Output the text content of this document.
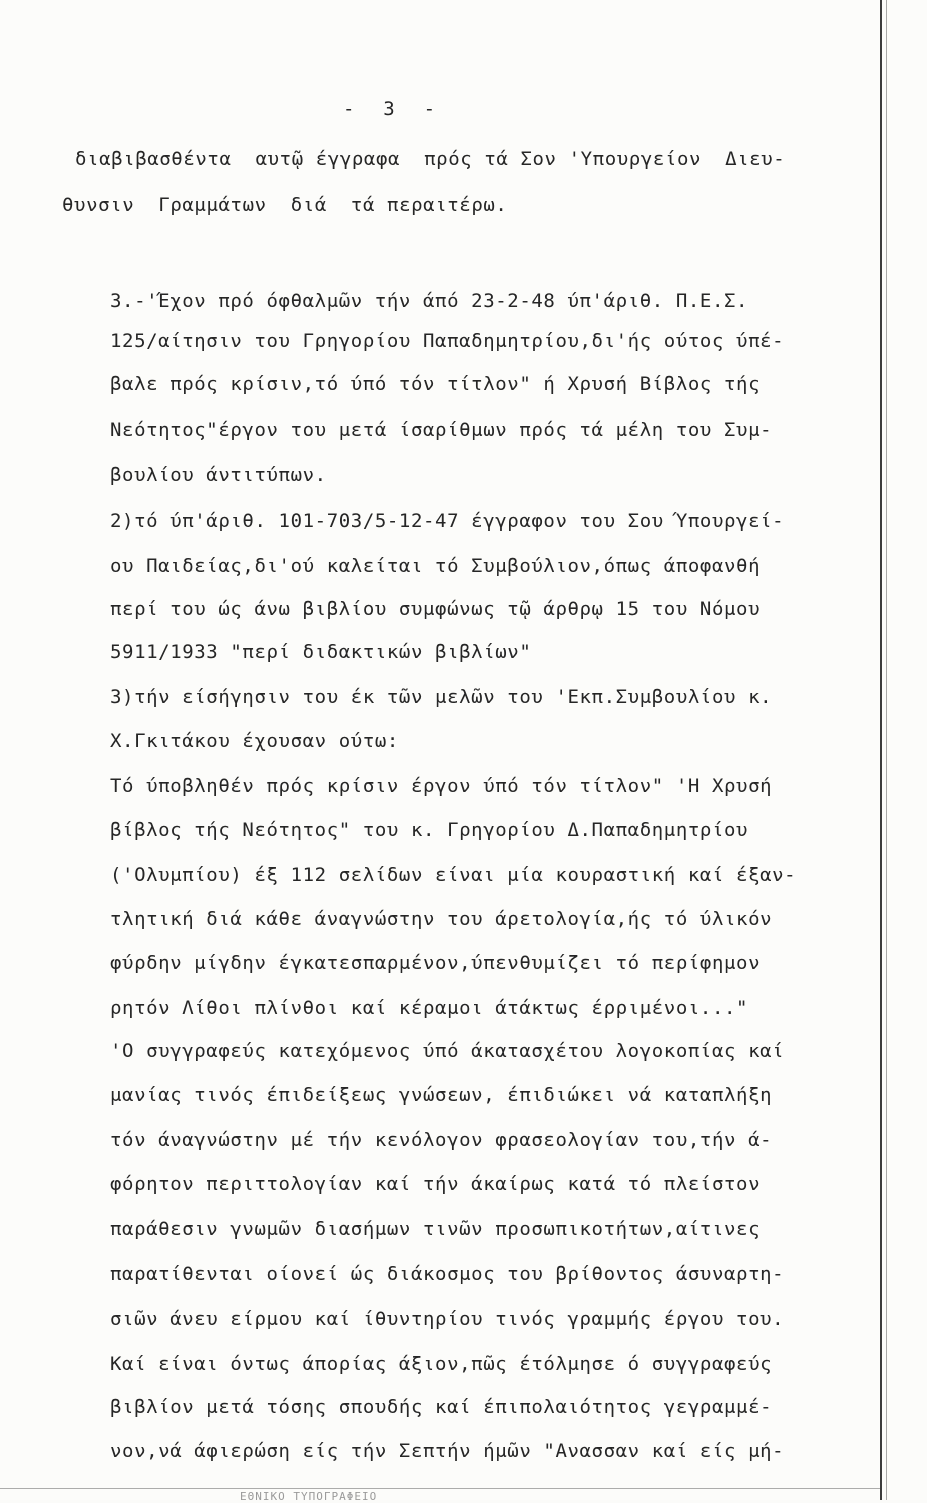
-  3  -
διαβιβασθέντα  αυτῷ έγγραφα  πρός τά Σον 'Υπουργείον  Διευ-
θυνσιν  Γραμμάτων  διά  τά περαιτέρω.
3.-'Έχον πρό όφθαλμῶν τήν άπό 23-2-48 ύπ'άριθ. Π.Ε.Σ.
125/αίτησιν του Γρηγορίου Παπαδημητρίου,δι'ής ούτος ύπέ-
βαλε πρός κρίσιν,τό ύπό τόν τίτλον" ή Χρυσή Βίβλος τής
Νεότητος"έργον του μετά ίσαρίθμων πρός τά μέλη του Συμ-
βουλίου άντιτύπων.
2)τό ύπ'άριθ. 101-703/5-12-47 έγγραφον του Σου Ύπουργεί-
ου Παιδείας,δι'ού καλείται τό Συμβούλιον,όπως άποφανθή
περί του ώς άνω βιβλίου συμφώνως τῷ άρθρῳ 15 του Νόμου
5911/1933 "περί διδακτικών βιβλίων"
3)τήν είσήγησιν του έκ τῶν μελῶν του 'Εκπ.Συμβουλίου κ.
Χ.Γκιτάκου έχουσαν ούτω:
Τό ύποβληθέν πρός κρίσιν έργον ύπό τόν τίτλον" 'Η Χρυσή
βίβλος τής Νεότητος" του κ. Γρηγορίου Δ.Παπαδημητρίου
('Ολυμπίου) έξ 112 σελίδων είναι μία κουραστική καί έξαν-
τλητική διά κάθε άναγνώστην του άρετολογία,ής τό ύλικόν
φύρδην μίγδην έγκατεσπαρμένον,ύπενθυμίζει τό περίφημον
ρητόν Λίθοι πλίνθοι καί κέραμοι άτάκτως έρριμένοι..."
'Ο συγγραφεύς κατεχόμενος ύπό άκατασχέτου λογοκοπίας καί
μανίας τινός έπιδείξεως γνώσεων, έπιδιώκει νά καταπλήξη
τόν άναγνώστην μέ τήν κενόλογον φρασεολογίαν του,τήν ά-
φόρητον περιττολογίαν καί τήν άκαίρως κατά τό πλείστον
παράθεσιν γνωμῶν διασήμων τινῶν προσωπικοτήτων,αίτινες
παρατίθενται οίονεί ώς διάκοσμος του βρίθοντος άσυναρτη-
σιῶν άνευ είρμου καί ίθυντηρίου τινός γραμμής έργου του.
Καί είναι όντως άπορίας άξιον,πῶς έτόλμησε ό συγγραφεύς
βιβλίον μετά τόσης σπουδής καί έπιπολαιότητος γεγραμμέ-
νον,νά άφιερώση είς τήν Σεπτήν ήμῶν "Ανασσαν καί είς μή-
ΕΘΝΙΚΟ ΤΥΠΟΓΡΑΦΕΙΟ
